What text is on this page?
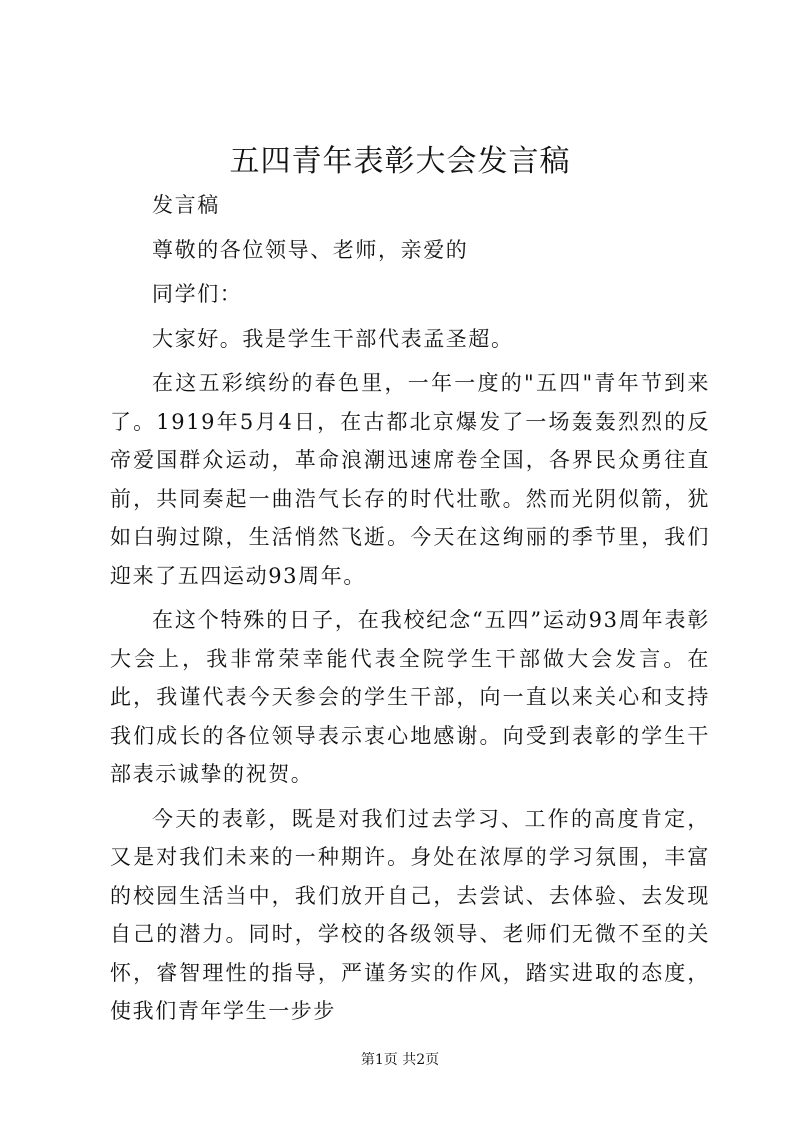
五四青年表彰大会发言稿

发言稿

尊敬的各位领导、老师，亲爱的

同学们：

大家好。我是学生干部代表孟圣超。

在这五彩缤纷的春色里，一年一度的"五四"青年节到来了。1919年5月4日，在古都北京爆发了一场轰轰烈烈的反帝爱国群众运动，革命浪潮迅速席卷全国，各界民众勇往直前，共同奏起一曲浩气长存的时代壮歌。然而光阴似箭，犹如白驹过隙，生活悄然飞逝。今天在这绚丽的季节里，我们迎来了五四运动93周年。

在这个特殊的日子，在我校纪念“五四”运动93周年表彰大会上，我非常荣幸能代表全院学生干部做大会发言。在此，我谨代表今天参会的学生干部，向一直以来关心和支持我们成长的各位领导表示衷心地感谢。向受到表彰的学生干部表示诚挚的祝贺。

今天的表彰，既是对我们过去学习、工作的高度肯定，又是对我们未来的一种期许。身处在浓厚的学习氛围，丰富的校园生活当中，我们放开自己，去尝试、去体验、去发现自己的潜力。同时，学校的各级领导、老师们无微不至的关怀，睿智理性的指导，严谨务实的作风，踏实进取的态度，使我们青年学生一步步

第1页 共2页
